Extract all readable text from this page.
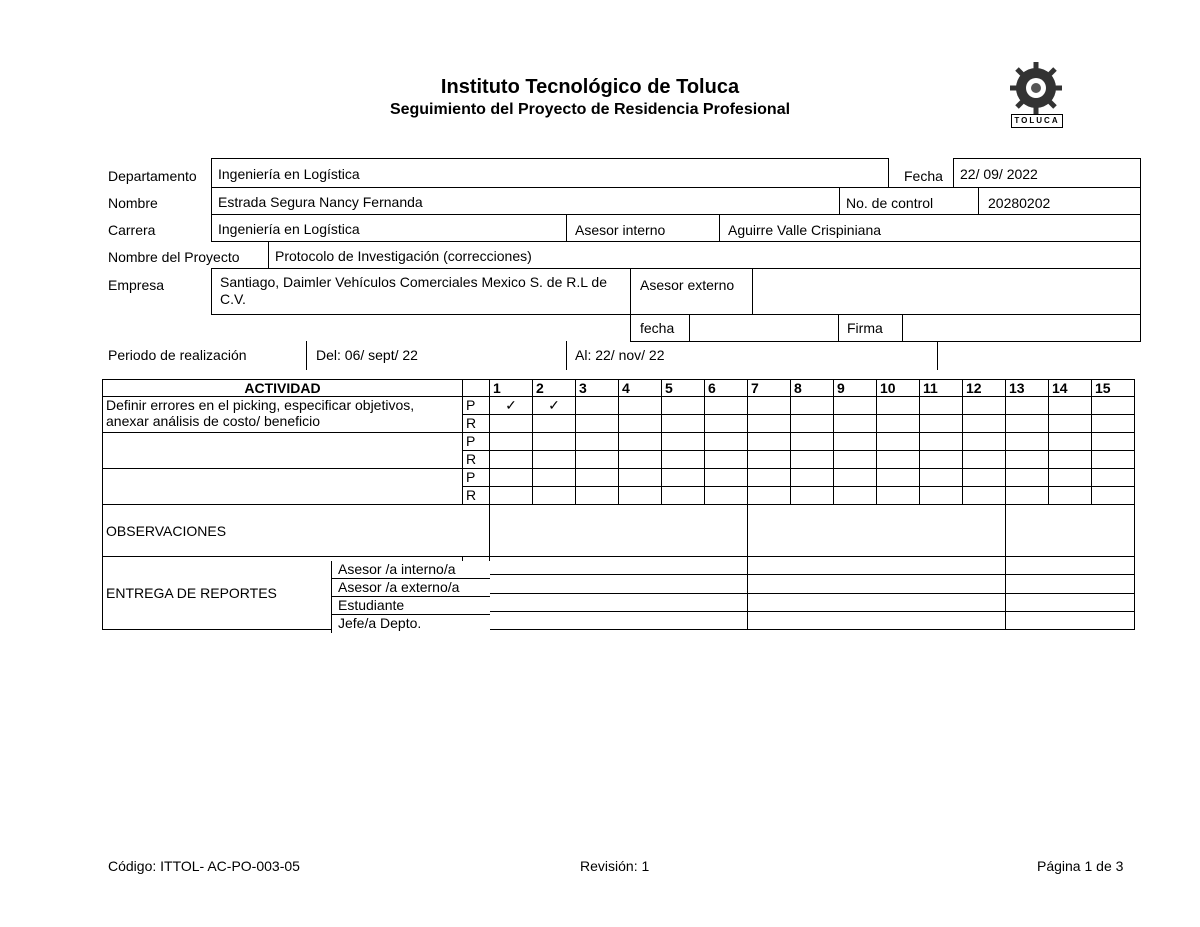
Instituto Tecnológico de Toluca
Seguimiento del Proyecto de Residencia Profesional
TOLUCA
Departamento	Ingeniería en Logística	Fecha	22/ 09/ 2022
Nombre	Estrada Segura Nancy Fernanda	No. de control	20280202
Carrera	Ingeniería en Logística	Asesor interno	Aguirre Valle Crispiniana
Nombre del Proyecto	Protocolo de Investigación (correcciones)
Empresa	Santiago, Daimler Vehículos Comerciales Mexico S. de R.L de C.V.
Asesor externo
fecha	Firma
Periodo de realización	Del: 06/ sept/ 22	Al: 22/ nov/ 22
ACTIVIDAD		1	2	3	4	5	6	7	8	9	10	11	12	13	14	15
Definir errores en el picking, especificar objetivos, anexar análisis de costo/ beneficio	P	✓	✓													
	R															
	P															
	R															
	P															
	R															
OBSERVACIONES																

ENTREGA DE REPORTES																

Asesor /a interno/a
Asesor /a externo/a
Estudiante
Jefe/a Depto.
Código: ITTOL- AC-PO-003-05	Revisión: 1	Página 1 de 3
